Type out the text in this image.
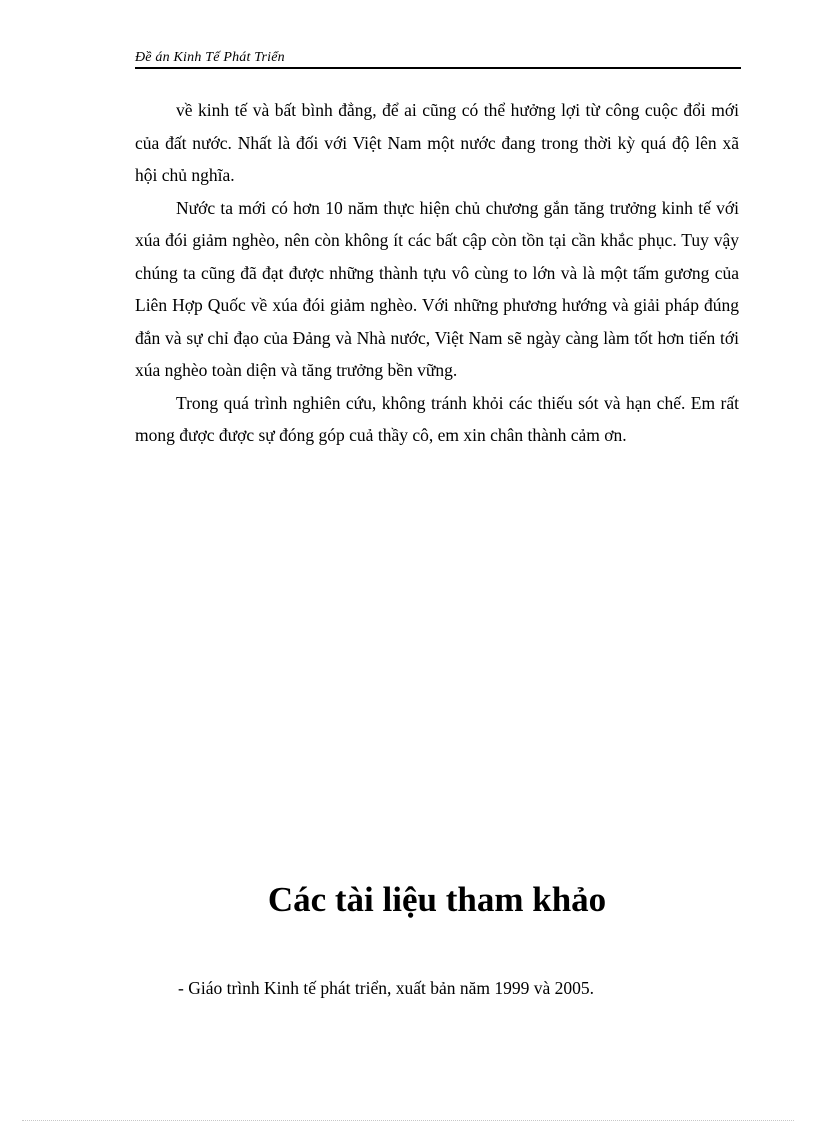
Đề án Kinh Tế Phát Triển

về kinh tế và bất bình đẳng, để ai cũng có thể hưởng lợi từ công cuộc đổi mới của đất nước. Nhất là đối với Việt Nam một nước đang trong thời kỳ quá độ lên xã hội chủ nghĩa.

Nước ta mới có hơn 10 năm thực hiện chủ chương gắn tăng trưởng kinh tế với xúa đói giảm nghèo, nên còn không ít các bất cập còn tồn tại cần khắc phục. Tuy vậy chúng ta cũng đã đạt được những thành tựu vô cùng to lớn và là một tấm gương của Liên Hợp Quốc về xúa đói giảm nghèo. Với những phương hướng và giải pháp đúng đắn và sự chỉ đạo của Đảng và Nhà nước, Việt Nam sẽ ngày càng làm tốt hơn tiến tới xúa nghèo toàn diện và tăng trưởng bền vững.

Trong quá trình nghiên cứu, không tránh khỏi các thiếu sót và hạn chế. Em rất mong được được sự đóng góp cuả thầy cô, em xin chân thành cảm ơn.

Các tài liệu tham khảo
- Giáo trình Kinh tế phát triển, xuất bản năm 1999 và 2005.
